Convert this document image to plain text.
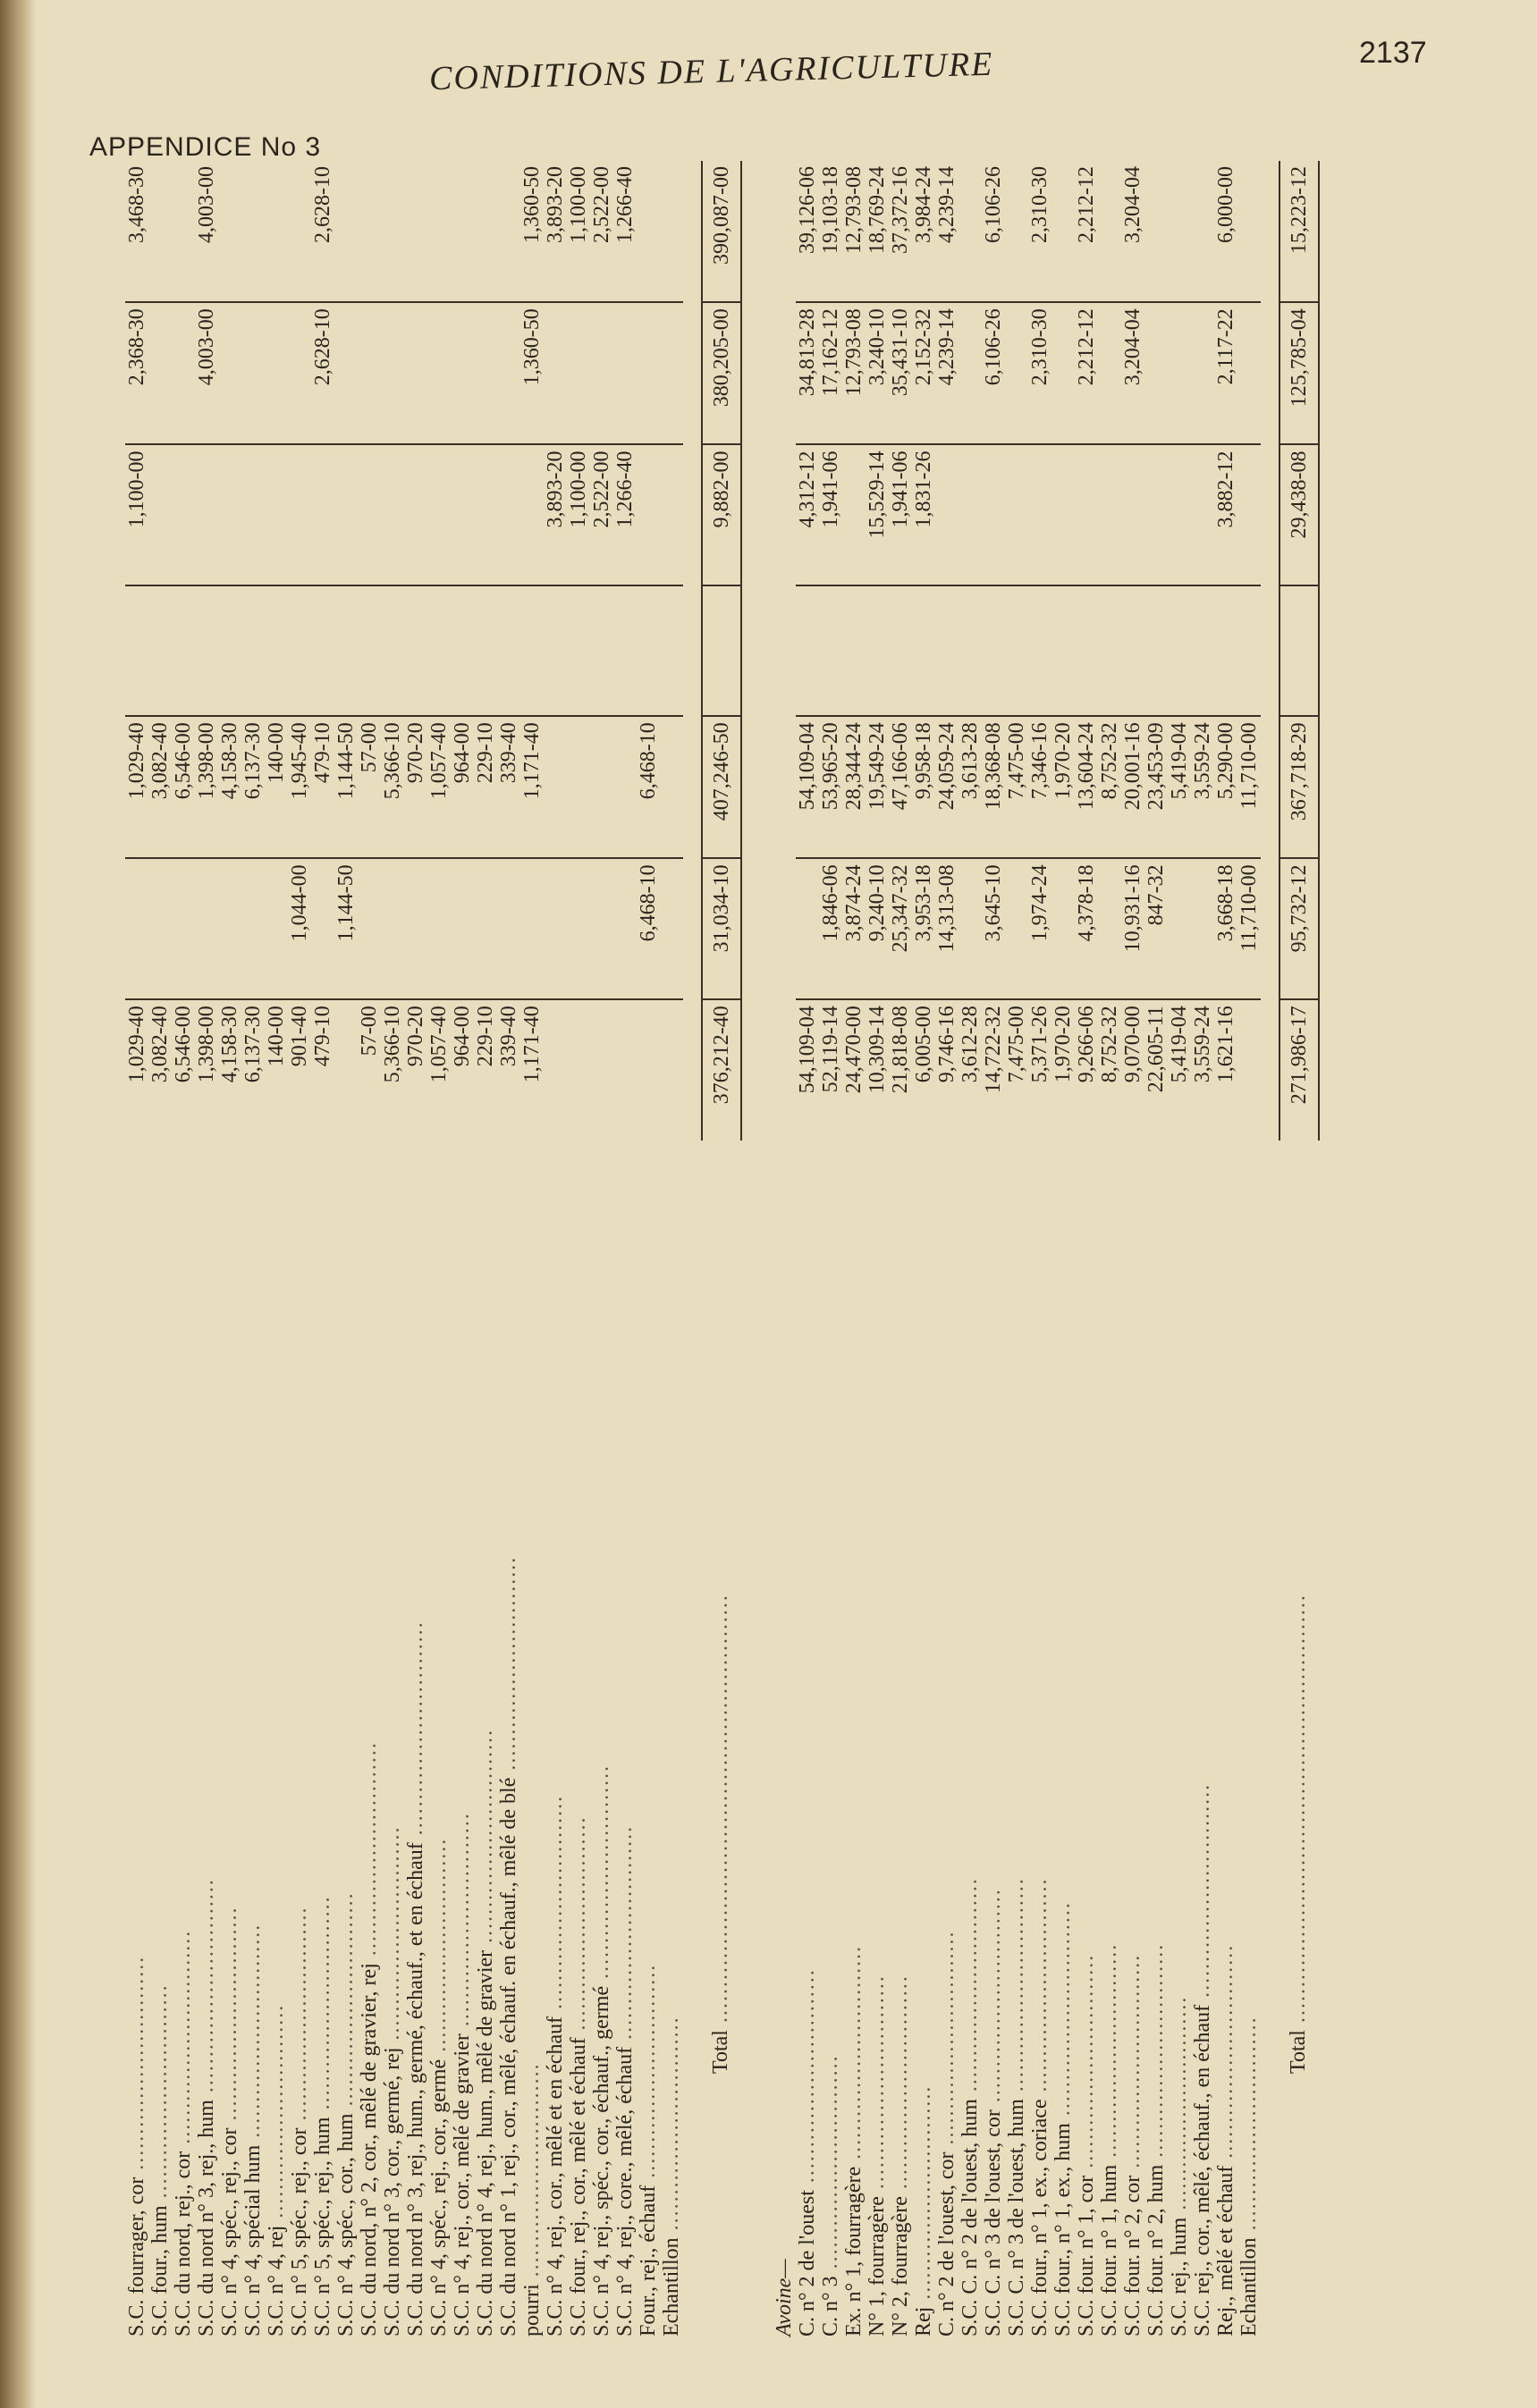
CONDITIONS DE L'AGRICULTURE	2137
APPENDICE No 3
S.C. fourrager, cor ..............................	1,029-40		1,029-40		1,100-00	2,368-30	3,468-30
S.C. four., hum ..............................	3,082-40		3,082-40				
S.C. du nord, rej., cor ..............................	6,546-00		6,546-00				
S.C. du nord n° 3, rej., hum ..............................	1,398-00		1,398-00			4,003-00	4,003-00
S.C. n° 4, spéc., rej., cor ..............................	4,158-30		4,158-30				
S.C. n° 4, spécial hum ..............................	6,137-30		6,137-30				
S.C. n° 4, rej ..............................	140-00		140-00				
S.C. n° 5, spéc., rej., cor ..............................	901-40	1,044-00	1,945-40				
S.C. n° 5, spéc., rej., hum ..............................	479-10		479-10			2,628-10	2,628-10
S.C. n° 4, spéc., cor., hum ..............................		1,144-50	1,144-50				
S.C. du nord, n° 2, cor., mêlé de gravier, rej ..............................	57-00		57-00				
S.C. du nord n° 3, cor., germé, rej ..............................	5,366-10		5,366-10				
S.C. du nord n° 3, rej., hum., germé, échauf., et en échauf ..............................	970-20		970-20				
S.C. n° 4, spéc., rej., cor., germé ..............................	1,057-40		1,057-40				
S.C. n° 4, rej., cor., mêlé de gravier ..............................	964-00		964-00				
S.C. du nord n° 4, rej., hum., mêlé de gravier ..............................	229-10		229-10				
S.C. du nord n° 1, rej., cor., mêlé, échauf. en échauf., mêlé de blé ..............................	339-40		339-40				
pourri ..............................	1,171-40		1,171-40			1,360-50	1,360-50
S.C. n° 4, rej., cor., mêlé et en échauf ..............................					3,893-20		3,893-20
S.C. four., rej., cor., mêlé et échauf ..............................					1,100-00		1,100-00
S.C. n° 4, rej., spéc., cor., échauf., germé ..............................					2,522-00		2,522-00
S.C. n° 4, rej., core., mêlé, échauf ..............................					1,266-40		1,266-40
Four., rej., échauf ..............................		6,468-10	6,468-10				
Echantillon ..............................							

Total ............................................................	376,212-40	31,034-10	407,246-50		9,882-00	380,205-00	390,087-00

Avoine—							
C. n° 2 de l'ouest ..............................	54,109-04		54,109-04		4,312-12	34,813-28	39,126-06
C. n° 3 ..............................	52,119-14	1,846-06	53,965-20		1,941-06	17,162-12	19,103-18
Ex. n° 1, fourragère ..............................	24,470-00	3,874-24	28,344-24			12,793-08	12,793-08
N° 1, fourragère ..............................	10,309-14	9,240-10	19,549-24		15,529-14	3,240-10	18,769-24
N° 2, fourragère ..............................	21,818-08	25,347-32	47,166-06		1,941-06	35,431-10	37,372-16
Rej ..............................	6,005-00	3,953-18	9,958-18		1,831-26	2,152-32	3,984-24
C. n° 2 de l'ouest, cor ..............................	9,746-16	14,313-08	24,059-24			4,239-14	4,239-14
S.C. C. n° 2 de l'ouest, hum ..............................	3,612-28		3,613-28				
S.C. C. n° 3 de l'ouest, cor ..............................	14,722-32	3,645-10	18,368-08			6,106-26	6,106-26
S.C. C. n° 3 de l'ouest, hum ..............................	7,475-00		7,475-00				
S.C. four., n° 1, ex., coriace ..............................	5,371-26	1,974-24	7,346-16			2,310-30	2,310-30
S.C. four., n° 1, ex., hum ..............................	1,970-20		1,970-20				
S.C. four. n° 1, cor ..............................	9,266-06	4,378-18	13,604-24			2,212-12	2,212-12
S.C. four. n° 1, hum ..............................	8,752-32		8,752-32				
S.C. four. n° 2, cor ..............................	9,070-00	10,931-16	20,001-16			3,204-04	3,204-04
S.C. four. n° 2, hum ..............................	22,605-11	847-32	23,453-09				
S.C. rej., hum ..............................	5,419-04		5,419-04				
S.C. rej., cor., mêlé, échauf., en échauf ..............................	3,559-24		3,559-24				
Rej., mêlé et échauf ..............................	1,621-16	3,668-18	5,290-00		3,882-12	2,117-22	6,000-00
Echantillon ..............................		11,710-00	11,710-00				

Total ............................................................	271,986-17	95,732-12	367,718-29		29,438-08	125,785-04	15,223-12
